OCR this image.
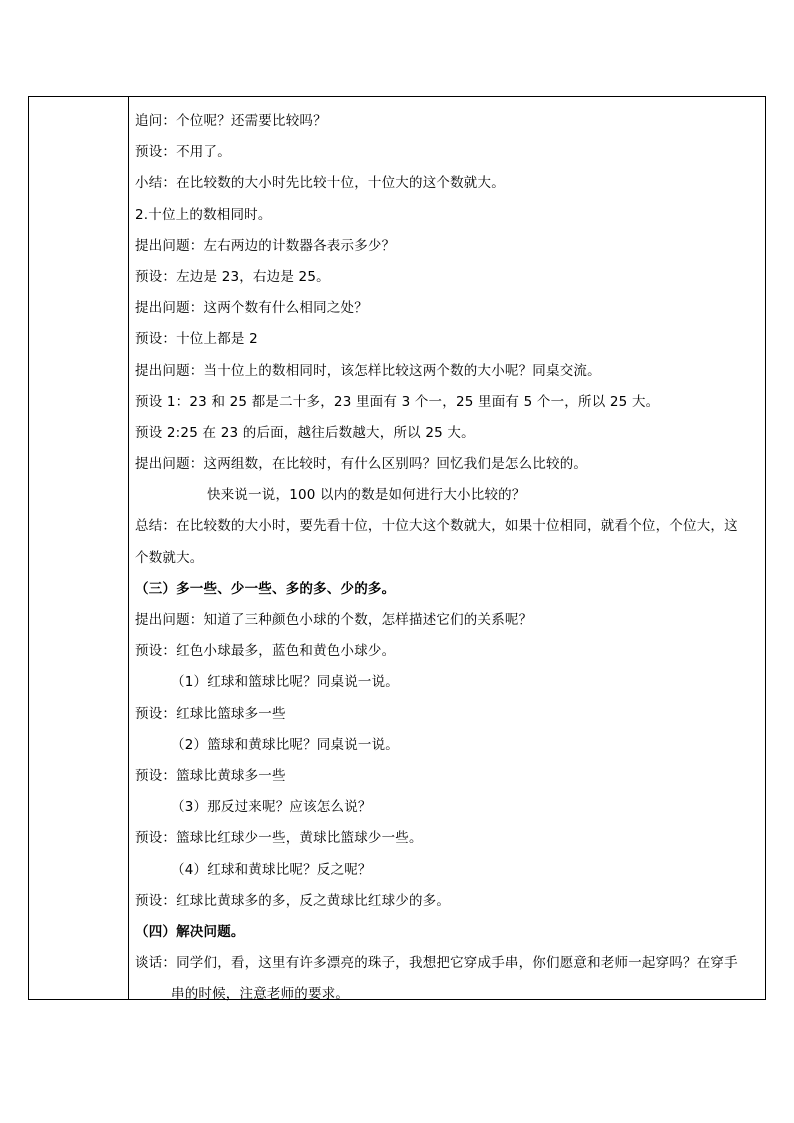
追问：个位呢？还需要比较吗？
预设：不用了。
小结：在比较数的大小时先比较十位，十位大的这个数就大。
2.十位上的数相同时。
提出问题：左右两边的计数器各表示多少？
预设：左边是 23，右边是 25。
提出问题：这两个数有什么相同之处？
预设：十位上都是 2
提出问题：当十位上的数相同时，该怎样比较这两个数的大小呢？同桌交流。
预设 1：23 和 25 都是二十多，23 里面有 3 个一，25 里面有 5 个一，所以 25 大。
预设 2:25 在 23 的后面，越往后数越大，所以 25 大。
提出问题：这两组数，在比较时，有什么区别吗？回忆我们是怎么比较的。
快来说一说，100 以内的数是如何进行大小比较的？
总结：在比较数的大小时，要先看十位，十位大这个数就大，如果十位相同，就看个位，个位大，这
个数就大。
（三）多一些、少一些、多的多、少的多。
提出问题：知道了三种颜色小球的个数，怎样描述它们的关系呢？
预设：红色小球最多，蓝色和黄色小球少。
（1）红球和篮球比呢？同桌说一说。
预设：红球比篮球多一些
（2）篮球和黄球比呢？同桌说一说。
预设：篮球比黄球多一些
（3）那反过来呢？应该怎么说？
预设：篮球比红球少一些，黄球比篮球少一些。
（4）红球和黄球比呢？反之呢？
预设：红球比黄球多的多，反之黄球比红球少的多。
（四）解决问题。
谈话：同学们，看，这里有许多漂亮的珠子，我想把它穿成手串，你们愿意和老师一起穿吗？在穿手
串的时候，注意老师的要求。
